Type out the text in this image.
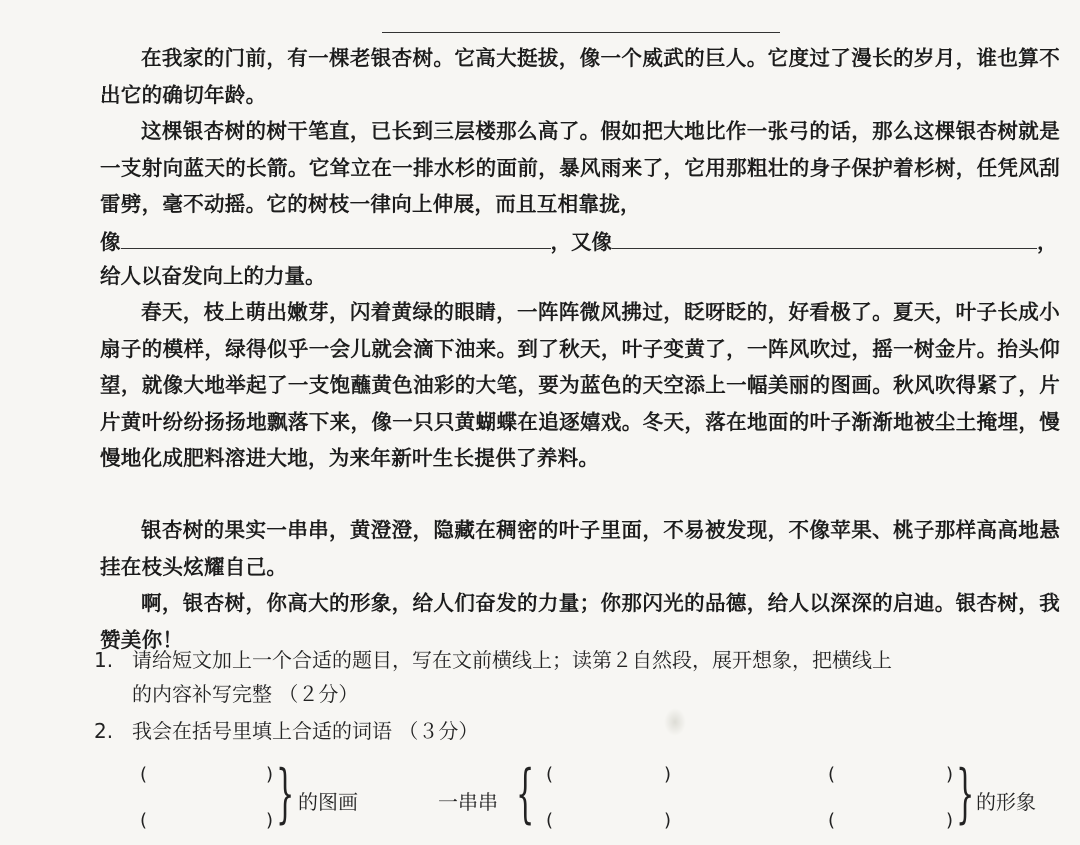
在我家的门前，有一棵老银杏树。它高大挺拔，像一个威武的巨人。它度过了漫长的岁月，谁也算不出它的确切年龄。
这棵银杏树的树干笔直，已长到三层楼那么高了。假如把大地比作一张弓的话，那么这棵银杏树就是一支射向蓝天的长箭。它耸立在一排水杉的面前，暴风雨来了，它用那粗壮的身子保护着杉树，任凭风刮雷劈，毫不动摇。它的树枝一律向上伸展，而且互相靠拢，
像	，又像	，
给人以奋发向上的力量。
春天，枝上萌出嫩芽，闪着黄绿的眼睛，一阵阵微风拂过，眨呀眨的，好看极了。夏天，叶子长成小扇子的模样，绿得似乎一会儿就会滴下油来。到了秋天，叶子变黄了，一阵风吹过，摇一树金片。抬头仰望，就像大地举起了一支饱蘸黄色油彩的大笔，要为蓝色的天空添上一幅美丽的图画。秋风吹得紧了，片片黄叶纷纷扬扬地飘落下来，像一只只黄蝴蝶在追逐嬉戏。冬天，落在地面的叶子渐渐地被尘土掩埋，慢慢地化成肥料溶进大地，为来年新叶生长提供了养料。
银杏树的果实一串串，黄澄澄，隐藏在稠密的叶子里面，不易被发现，不像苹果、桃子那样高高地悬挂在枝头炫耀自己。
啊，银杏树，你高大的形象，给人们奋发的力量；你那闪光的品德，给人以深深的启迪。银杏树，我赞美你！
1. 请给短文加上一个合适的题目，写在文前横线上；读第２自然段，展开想象，把横线上
的内容补写完整 （２分）
2. 我会在括号里填上合适的词语 （３分）
(	)
(	) } 的图画	一串串 { (	)
(	)
(	)
(	) } 的形象
